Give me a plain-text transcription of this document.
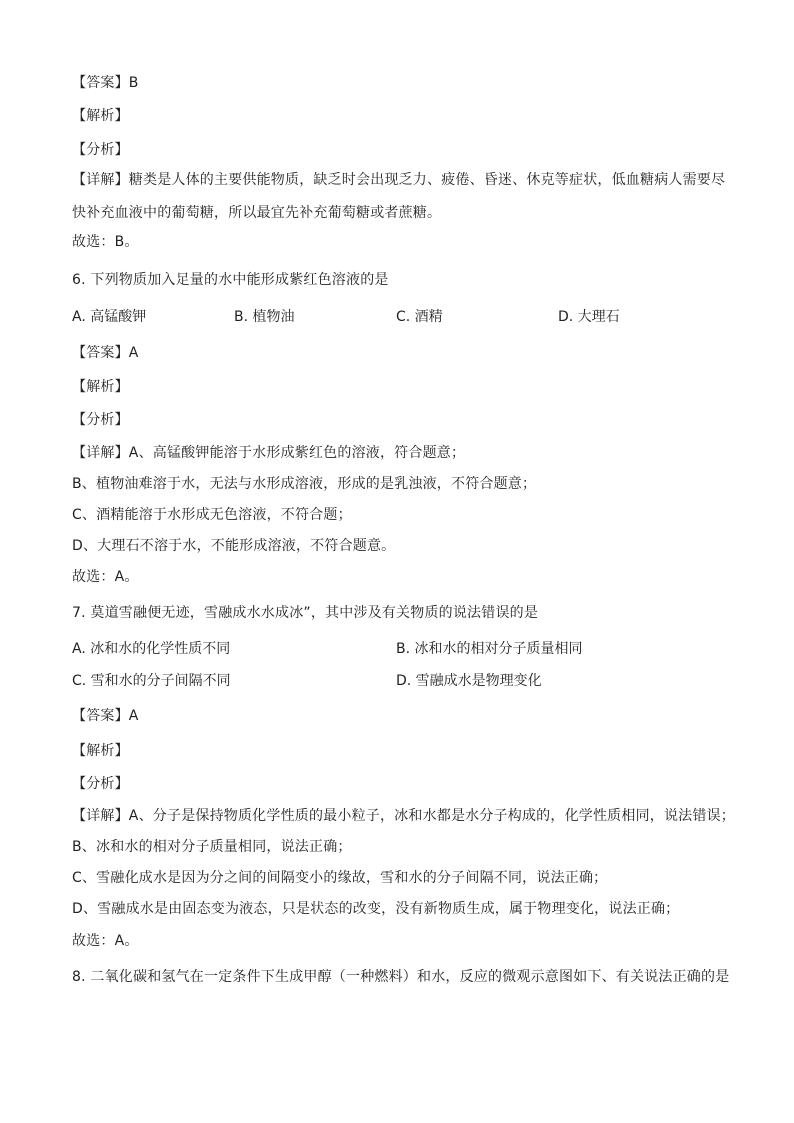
【答案】B
【解析】
【分析】
【详解】糖类是人体的主要供能物质，缺乏时会出现乏力、疲倦、昏迷、休克等症状，低血糖病人需要尽快补充血液中的葡萄糖，所以最宜先补充葡萄糖或者蔗糖。
故选：B。
6. 下列物质加入足量的水中能形成紫红色溶液的是
A. 高锰酸钾	B. 植物油	C. 酒精	D. 大理石
【答案】A
【解析】
【分析】
【详解】A、高锰酸钾能溶于水形成紫红色的溶液，符合题意；
B、植物油难溶于水，无法与水形成溶液，形成的是乳浊液，不符合题意；
C、酒精能溶于水形成无色溶液，不符合题；
D、大理石不溶于水，不能形成溶液，不符合题意。
故选：A。
7. 莫道雪融便无迹，雪融成水水成冰”，其中涉及有关物质的说法错误的是
A. 冰和水的化学性质不同	B. 冰和水的相对分子质量相同
C. 雪和水的分子间隔不同	D. 雪融成水是物理变化
【答案】A
【解析】
【分析】
【详解】A、分子是保持物质化学性质的最小粒子，冰和水都是水分子构成的，化学性质相同，说法错误；
B、冰和水的相对分子质量相同，说法正确；
C、雪融化成水是因为分之间的间隔变小的缘故，雪和水的分子间隔不同，说法正确；
D、雪融成水是由固态变为液态，只是状态的改变，没有新物质生成，属于物理变化，说法正确；
故选：A。
8. 二氧化碳和氢气在一定条件下生成甲醇（一种燃料）和水，反应的微观示意图如下、有关说法正确的是
